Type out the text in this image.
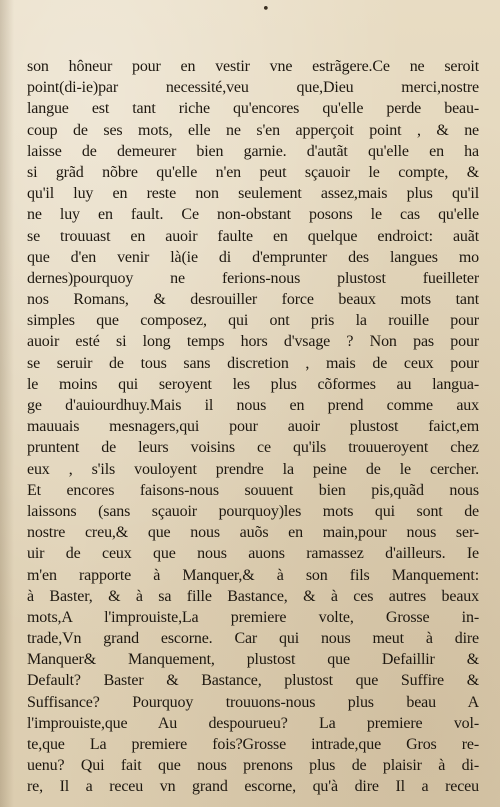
•
son hôneur pour en vestir vne estrãgere.Ce ne seroit
point(di-ie)par necessité,veu que,Dieu merci,nostre
langue est tant riche qu'encores qu'elle perde beau-
coup de ses mots, elle ne s'en apperçoit point , & ne
laisse de demeurer bien garnie. d'autãt qu'elle en ha
si grãd nõbre qu'elle n'en peut sçauoir le compte, &
qu'il luy en reste non seulement assez,mais plus qu'il
ne luy en fault. Ce non-obstant posons le cas qu'elle
se trouuast en auoir faulte en quelque endroict: auãt
que d'en venir là(ie di d'emprunter des langues mo
dernes)pourquoy ne ferions-nous plustost fueilleter
nos Romans, & desrouiller force beaux mots tant
simples que composez, qui ont pris la rouille pour
auoir esté si long temps hors d'vsage ? Non pas pour
se seruir de tous sans discretion , mais de ceux pour
le moins qui seroyent les plus cõformes au langua-
ge d'auiourdhuy.Mais il nous en prend comme aux
mauuais mesnagers,qui pour auoir plustost faict,em
pruntent de leurs voisins ce qu'ils trouueroyent chez
eux , s'ils vouloyent prendre la peine de le cercher.
Et encores faisons-nous souuent bien pis,quãd nous
laissons (sans sçauoir pourquoy)les mots qui sont de
nostre creu,& que nous auõs en main,pour nous ser-
uir de ceux que nous auons ramassez d'ailleurs. Ie
m'en rapporte à Manquer,& à son fils Manquement:
à Baster, & à sa fille Bastance, & à ces autres beaux
mots,A l'improuiste,La premiere volte, Grosse in-
trade,Vn grand escorne. Car qui nous meut à dire
Manquer& Manquement, plustost que Defaillir &
Default? Baster & Bastance, plustost que Suffire &
Suffisance? Pourquoy trouuons-nous plus beau A
l'improuiste,que Au despourueu? La premiere vol-
te,que La premiere fois?Grosse intrade,que Gros re-
uenu? Qui fait que nous prenons plus de plaisir à di-
re, Il a receu vn grand escorne, qu'à dire Il a receu
